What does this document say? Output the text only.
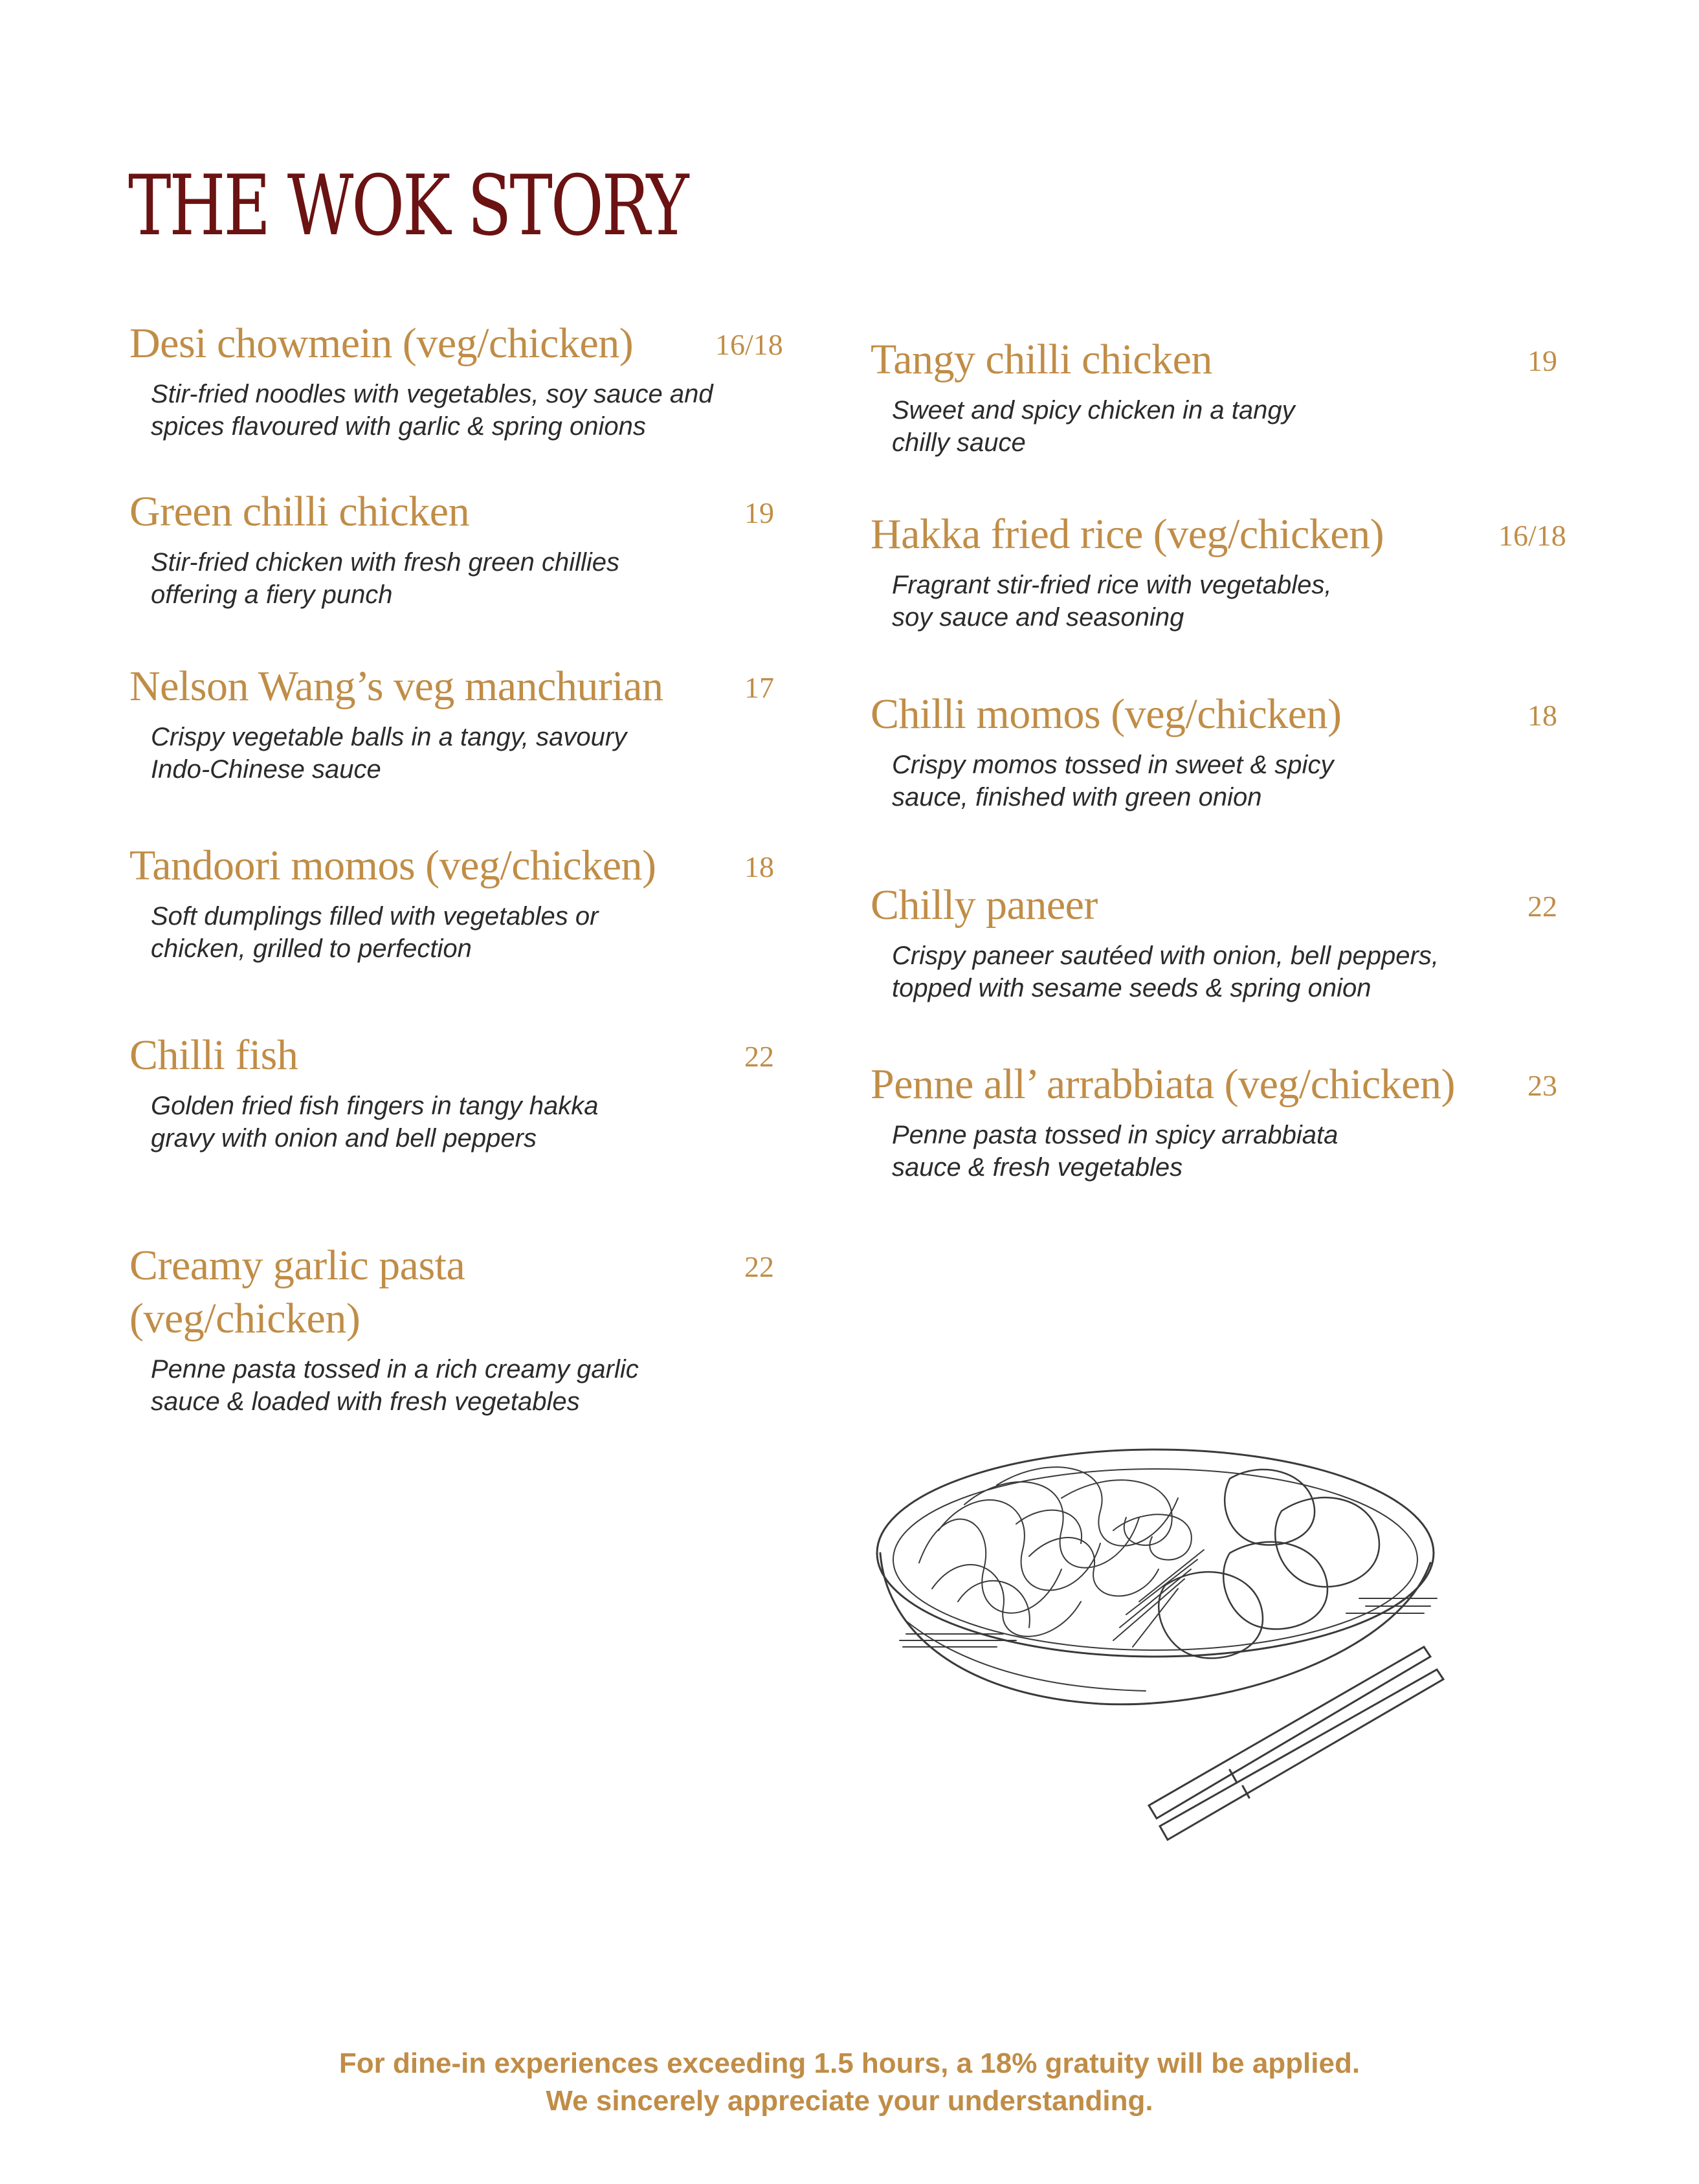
THE WOK STORY
Desi chowmein (veg/chicken)	16/18
Stir-fried noodles with vegetables, soy sauce and spices flavoured with garlic & spring onions
Green chilli chicken	19
Stir-fried chicken with fresh green chillies offering a fiery punch
Nelson Wang’s veg manchurian	17
Crispy vegetable balls in a tangy, savoury Indo-Chinese sauce
Tandoori momos (veg/chicken)	18
Soft dumplings filled with vegetables or chicken, grilled to perfection
Chilli fish	22
Golden fried fish fingers in tangy hakka gravy with onion and bell peppers
Creamy garlic pasta (veg/chicken)
22
Penne pasta tossed in a rich creamy garlic sauce & loaded with fresh vegetables
Tangy chilli chicken	19
Sweet and spicy chicken in a tangy chilly sauce
Hakka fried rice (veg/chicken)	16/18
Fragrant stir-fried rice with vegetables, soy sauce and seasoning
Chilli momos (veg/chicken)	18
Crispy momos tossed in sweet & spicy sauce, finished with green onion
Chilly paneer	22
Crispy paneer sautéed with onion, bell peppers, topped with sesame seeds & spring onion
Penne all’ arrabbiata (veg/chicken) 23
Penne pasta tossed in spicy arrabbiata sauce & fresh vegetables
For dine-in experiences exceeding 1.5 hours, a 18% gratuity will be applied.
We sincerely appreciate your understanding.
